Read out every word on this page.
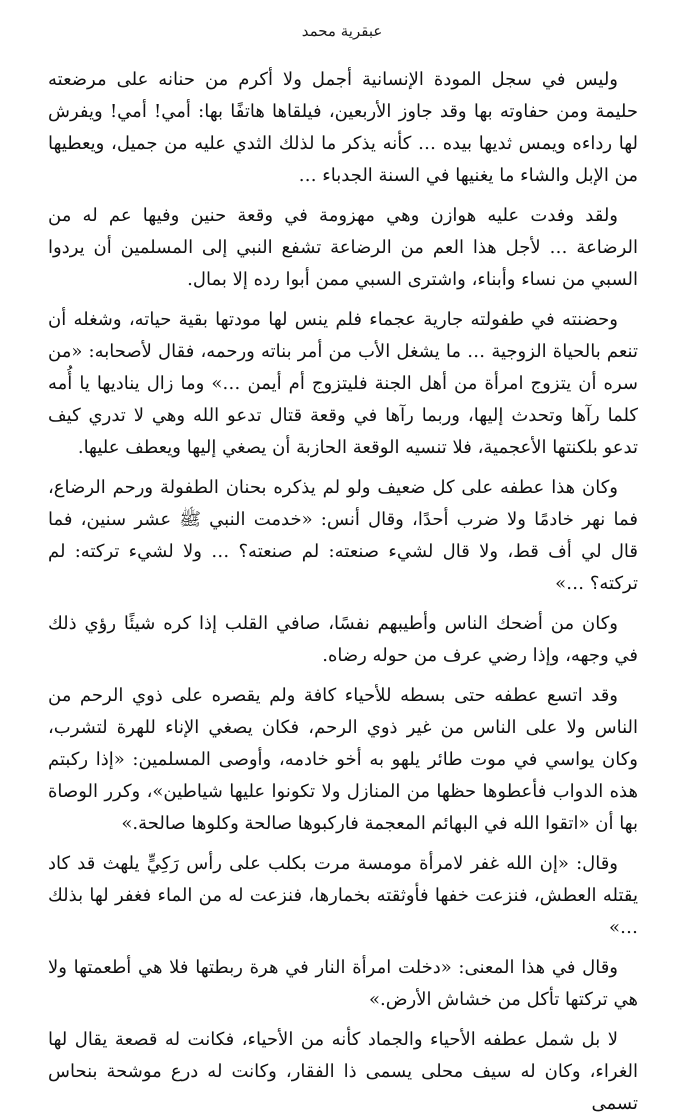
عبقرية محمد

وليس في سجل المودة الإنسانية أجمل ولا أكرم من حنانه على مرضعته حليمة ومن حفاوته بها وقد جاوز الأربعين، فيلقاها هاتفًا بها: أمي! أمي! ويفرش لها رداءه ويمس ثديها بيده … كأنه يذكر ما لذلك الثدي عليه من جميل، ويعطيها من الإبل والشاء ما يغنيها في السنة الجدباء …

ولقد وفدت عليه هوازن وهي مهزومة في وقعة حنين وفيها عم له من الرضاعة … لأجل هذا العم من الرضاعة تشفع النبي إلى المسلمين أن يردوا السبي من نساء وأبناء، واشترى السبي ممن أبوا رده إلا بمال.

وحضنته في طفولته جارية عجماء فلم ينس لها مودتها بقية حياته، وشغله أن تنعم بالحياة الزوجية … ما يشغل الأب من أمر بناته ورحمه، فقال لأصحابه: «من سره أن يتزوج امرأة من أهل الجنة فليتزوج أم أيمن …» وما زال يناديها يا أُمه كلما رآها وتحدث إليها، وربما رآها في وقعة قتال تدعو الله وهي لا تدري كيف تدعو بلكنتها الأعجمية، فلا تنسيه الوقعة الحازبة أن يصغي إليها ويعطف عليها.

وكان هذا عطفه على كل ضعيف ولو لم يذكره بحنان الطفولة ورحم الرضاع، فما نهر خادمًا ولا ضرب أحدًا، وقال أنس: «خدمت النبي ﷺ عشر سنين، فما قال لي أف قط، ولا قال لشيء صنعته: لم صنعته؟ … ولا لشيء تركته: لم تركته؟ …»

وكان من أضحك الناس وأطيبهم نفسًا، صافي القلب إذا كره شيئًا رؤي ذلك في وجهه، وإذا رضي عرف من حوله رضاه.

وقد اتسع عطفه حتى بسطه للأحياء كافة ولم يقصره على ذوي الرحم من الناس ولا على الناس من غير ذوي الرحم، فكان يصغي الإناء للهرة لتشرب، وكان يواسي في موت طائر يلهو به أخو خادمه، وأوصى المسلمين: «إذا ركبتم هذه الدواب فأعطوها حظها من المنازل ولا تكونوا عليها شياطين»، وكرر الوصاة بها أن «اتقوا الله في البهائم المعجمة فاركبوها صالحة وكلوها صالحة.»

وقال: «إن الله غفر لامرأة مومسة مرت بكلب على رأس رَكِيٍّ يلهث قد كاد يقتله العطش، فنزعت خفها فأوثقته بخمارها، فنزعت له من الماء فغفر لها بذلك …»

وقال في هذا المعنى: «دخلت امرأة النار في هرة ربطتها فلا هي أطعمتها ولا هي تركتها تأكل من خشاش الأرض.»

لا بل شمل عطفه الأحياء والجماد كأنه من الأحياء، فكانت له قصعة يقال لها الغراء، وكان له سيف محلى يسمى ذا الفقار، وكانت له درع موشحة بنحاس تسمى
